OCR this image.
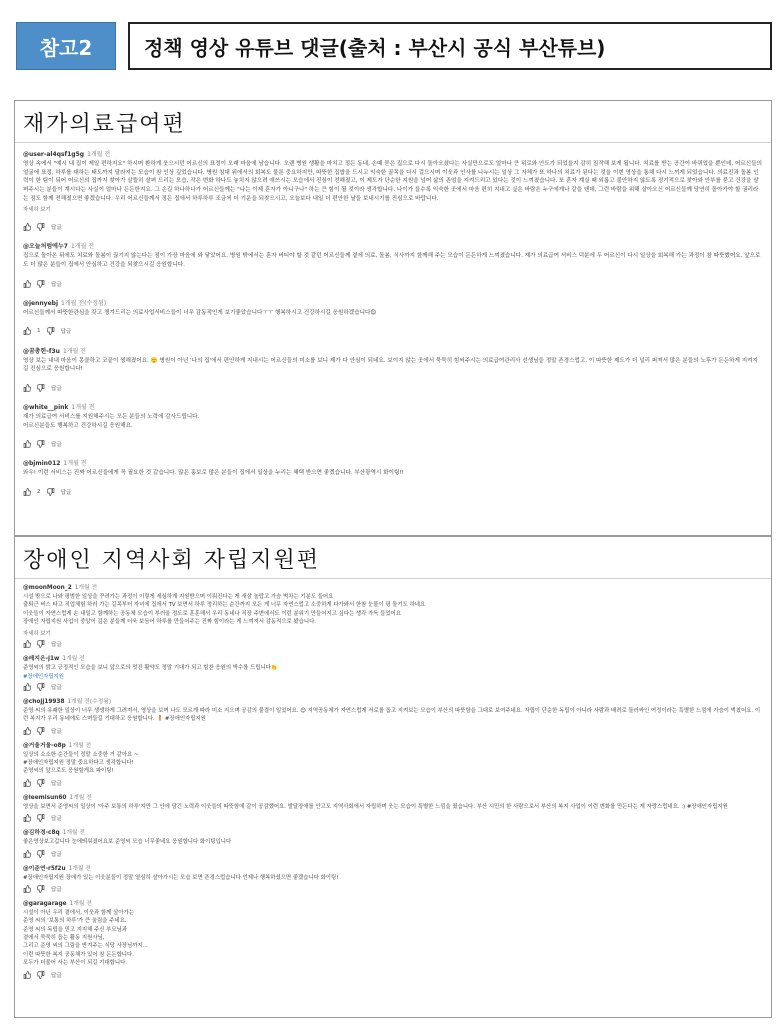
참고2	정책 영상 유튜브 댓글(출처 : 부산시 공식 부산튜브)
재가의료급여편
@user-al4qsf1g5g 1개월 전
영상 속에서 "예시 내 집이 제일 편하지요" 하시며 환하게 웃으시던 어르신의 표정이 오래 마음에 남습니다. 오랜 병원 생활을 마치고 정든 동네, 손때 묻은 집으로 다시 돌아오셨다는 사실만으로도 얼마나 큰 위로와 안도가 되었을지 감히 짐작해 보게 됩니다. 치료를 받는 공간이 바뀌었을 뿐인데, 어르신들의 얼굴에 표정, 하루를 대하는 태도까지 달라지는 모습이 참 인상 깊었습니다. 병원 침대 위에서의 회복도 물론 중요하지만, 따뜻한 집밥을 드시고 익숙한 골목을 다시 걸으시며 이웃과 인사를 나누시는 일상 그 자체가 또 하나의 치료가 된다는 것을 이번 영상을 통해 다시 느끼게 되었습니다. 의료진과 돌봄 인력이 한 팀이 되어 어르신의 집까지 찾아가 살뜰히 살펴 드리는 모습, 작은 변화 하나도 놓치지 않으려 애쓰시는 모습에서 진심이 전해졌고, 이 제도가 단순한 지원을 넘어 삶의 존엄을 지켜드리고 있다는 것이 느껴졌습니다. 또 혼자 계실 때 외롭고 불안하지 않도록 정기적으로 찾아와 안부를 묻고 건강을 살펴주시는 분들이 계시다는 사실이 얼마나 든든한지요. 그 손길 하나하나가 어르신들께는 "나는 이제 혼자가 아니구나" 하는 큰 힘이 될 것이라 생각합니다. 나이가 들수록 익숙한 곳에서 마음 편히 지내고 싶은 바람은 누구에게나 같을 텐데, 그런 바람을 위해 살아오신 어르신들께 당연히 돌아가야 할 권리라는 점도 함께 전해졌으면 좋겠습니다. 우리 어르신들께서 정든 집에서 하루하루 조금씩 더 기운을 되찾으시고, 오늘보다 내일 더 편안한 날들 보내시기를 진심으로 바랍니다.
자세히 보기
답글
@오늘처럼에누7 1개월 전
집으로 돌아온 뒤에도 치료와 돌봄이 끊기지 않는다는 점이 가장 마음에 와 닿았어요. 병원 밖에서는 혼자 버티야 할 것 같던 어르신들께 곁에 의료, 돌봄, 식사까지 함께해 주는 모습이 든든하게 느껴졌습니다. 재가 의료급여 서비스 덕분에 두 어르신이 다시 일상을 회복해 가는 과정이 참 따뜻했어요. 앞으로도 더 많은 분들이 집에서 안심하고 건강을 되찾으시길 응원합니다.
답글
@jennyebj 1개월 전(수정됨)
어르신들께서 따뜻한관심을 갖고 챙겨드리는 의료사업서비스들이 너무 감동적인게 보기좋았습니다ㅜㅜ 행복하시고 건강하시길 응원하겠습니다😊
1	답글
@꿈총한-f3u 1개월 전
영상 보는 내내 마음이 몽클하고 코끝이 찡해졌어요. 🙂 병원이 아닌 '나의 집'에서 편안하게 지내시는 어르신들의 미소를 보니 제가 다 안심이 되네요. 보이지 않는 곳에서 묵묵히 힘써주시는 의료급여관리사 선생님들 정말 존경스럽고, 이 따뜻한 제도가 더 널리 퍼져서 많은 분들의 노후가 든든하게 지켜지길 진심으로 응원합니다!
답글
@white__pink 1개월 전
재가 의료급여 서비스를 지원해주시는 모든 분들의 노력에 감사드립니다.
어르신분들도 행복하고 건강하시길 응원해요.
답글
@bjmin012 1개월 전
와우! 이런 서비스는 진짜 어르신들에게 꼭 필요한 것 같습니다. 많은 홍보로 많은 분들이 집에서 일상을 누리는 혜택 받으면 좋겠습니다. 부산광역시 화이팅!!
2	답글
장애인 지역사회 자립지원편
@moonMoon_2 1개월 전
시설 밖으로 나와 평범한 일상을 꾸려가는 과정이 이렇게 세심하게 지원받으며 이뤄진다는 게 새삼 놀랍고 가슴 벅차는 기분도 들어요
출퇴근 버스 타고 직업체험 하러 가는 길목부터 자녀에 집에서 TV 보면서 하루 정리하는 순간까지 모든 게 너무 자연스럽고 소중하게 다가와서 한참 눈물이 핑 돌기도 하네요
이웃들이 자연스럽게 손 내밀고 함께하는 공동체 모습이 부러울 정도로 훈훈해서 우리 동네나 직장 주변에서도 이런 분위기 만들어지고 싶다는 생각 가득 들었어요
장애인 자립지원 사업이 중앙이 깊은 분들께 더욱 보듬어 하루를 만들어주는 진짜 힘이라는 게 느껴져서 감동적으로 봤습니다.
자세히 보기
답글
@레지온-j1w 1개월 전
준영씨의 밝고 긍정적인 모습을 보니 앞으로의 멋진 활약도 정말 기대가 되고 힘찬 응원의 박수를 드립니다👏
#장애인자립지원
답글
@chojj19938 1개월 전(수정됨)
준영 씨의 유쾌한 일상이 너무 생생하게 그려져서, 영상을 보며 나도 모르게 따라 미소 지으며 공감의 물결이 일었어요. 😊 지역공동체가 자연스럽게 서로를 돕고 지켜보는 모습이 부산의 따뜻함을 그대로 보여주네요. 자립이 단순한 독립이 아니라 사람과 배려로 둘러싸인 여정이라는 특별한 느낌에 가슴이 벅찼어요. 이런 복지가 우리 동네에도 스며들길 기대하고 응원합니다. 🧍 #장애인자립지원
답글
@거울거울-o8p 1개월 전
일상의 소소한 순간들이 정말 소중한 거 같아요 ~
#장애인자립지원 정말 중요하다고 생각합니다!
준영씨의 앞으로도 응원할게요 파이팅!
답글
@leemisun60 1개월 전
영상을 보면서 준영씨의 일상이 '아주 보통의 하루'지만 그 안에 담긴 노력과 이웃들의 따뜻함에 같이 공감했어요. 발달장애를 안고도 지역사회에서 자립하며 웃는 모습이 특별한 느낌을 줬습니다. 부산 시민의 한 사람으로서 부산의 복지 사업이 이런 변화를 만든다는 게 자랑스럽네요. :) #장애인자립지원
답글
@김하경-c8q 1개월 전
좋은영상보고갑니다 눈에띄워졌어요보 준영씨 모습 너무좋네요 응원합니다 화이팅입니다
답글
@이준연-r5f2u 1개월 전
#장애인자립지원 장애가 있는 이웃분들이 정말 열심히 살아가시는 모습 보면 존경스럽습니다 언제나 행복하셨으면 좋겠습니다 화이팅!
답글
@garagarage 1개월 전
시설이 아닌 우리 곁에서, 이웃과 함께 살아가는
준영 씨의 '보통의 하루'가 큰 울림을 주네요.
준영 씨의 독립을 믿고 지지해 주신 부모님과
곁에서 묵묵히 돕는 활동 지원사님,
그리고 준영 씨의 그림을 반겨주는 식당 사장님까지...
이런 따뜻한 복지 공동체가 있어 참 든든합니다.
모두가 더불어 사는 부산이 되길 기대합니다.
답글
